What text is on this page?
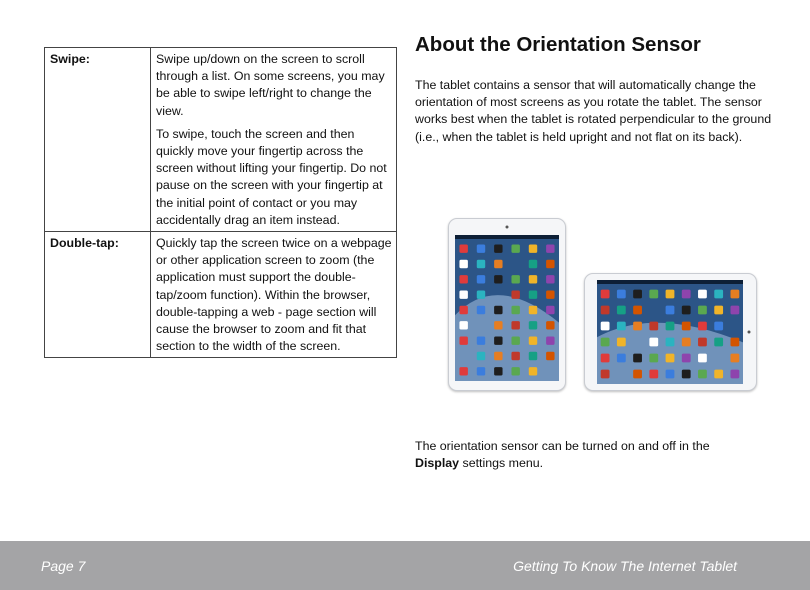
Swipe:	Swipe up/down on the screen to scroll through a list. On some screens, you may be able to swipe left/right to change the view.

To swipe, touch the screen and then quickly move your fingertip across the screen without lifting your fingertip. Do not pause on the screen with your fingertip at the initial point of contact or you may accidentally drag an item instead.

Double-tap:	Quickly tap the screen twice on a webpage or other application screen to zoom (the application must support the double-tap/zoom function). Within the browser, double-tapping a web - page section will cause the browser to zoom and fit that section to the width of the screen.

About the Orientation Sensor

The tablet contains a sensor that will automatically change the orientation of most screens as you rotate the tablet. The sensor works best when the tablet is rotated perpendicular to the ground (i.e., when the tablet is held upright and not flat on its back).

The orientation sensor can be turned on and off in the
Display settings menu.

Page 7	Getting To Know The Internet Tablet
